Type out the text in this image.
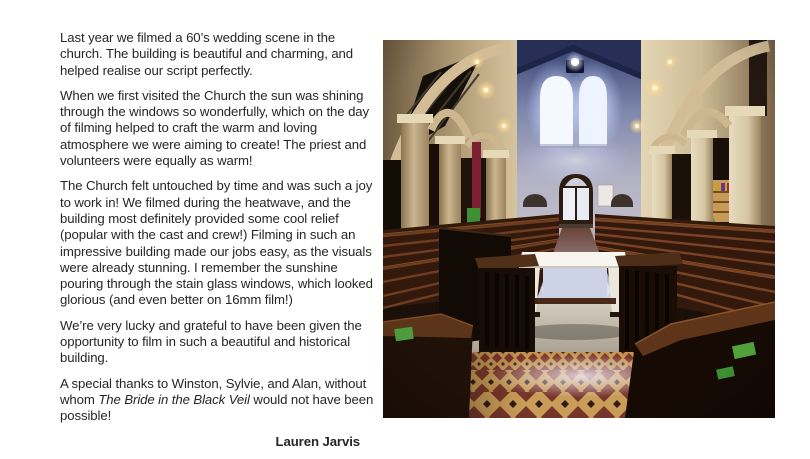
Last year we filmed a 60’s wedding scene in the church. The building is beautiful and charming, and helped realise our script perfectly.

When we first visited the Church the sun was shining through the windows so wonderfully, which on the day of filming helped to craft the warm and loving atmosphere we were aiming to create! The priest and volunteers were equally as warm!

The Church felt untouched by time and was such a joy to work in! We filmed during the heatwave, and the building most definitely provided some cool relief (popular with the cast and crew!) Filming in such an impressive building made our jobs easy, as the visuals were already stunning. I remember the sunshine pouring through the stain glass windows, which looked glorious (and even better on 16mm film!)

We’re very lucky and grateful to have been given the opportunity to film in such a beautiful and historical building.

A special thanks to Winston, Sylvie, and Alan, without whom The Bride in the Black Veil would not have been possible!

Lauren Jarvis
